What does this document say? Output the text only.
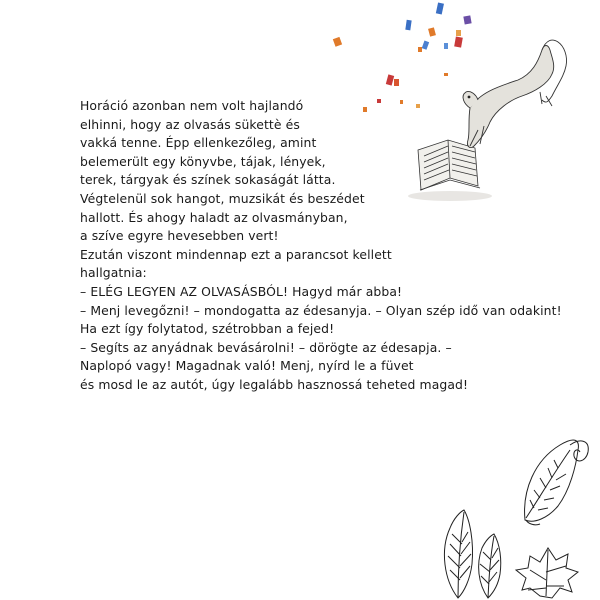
Horáció azonban nem volt hajlandó
elhinni, hogy az olvasás sükettè és
vakká tenne. Épp ellenkezőleg, amint
belemerült egy könyvbe, tájak, lények,
terek, tárgyak és színek sokaságát látta.
Végtelenül sok hangot, muzsikát és beszédet
hallott. És ahogy haladt az olvasmányban,
a szíve egyre hevesebben vert!
Ezután viszont mindennap ezt a parancsot kellett
hallgatnia:
– ELÉG LEGYEN AZ OLVASÁSBÓL! Hagyd már abba!
– Menj levegőzni! – mondogatta az édesanyja. – Olyan szép idő van odakint!
Ha ezt így folytatod, szétrobban a fejed!
– Segíts az anyádnak bevásárolni! – dörögte az édesapja. –
Naplopó vagy! Magadnak való! Menj, nyírd le a füvet
és mosd le az autót, úgy legalább hasznossá teheted magad!
